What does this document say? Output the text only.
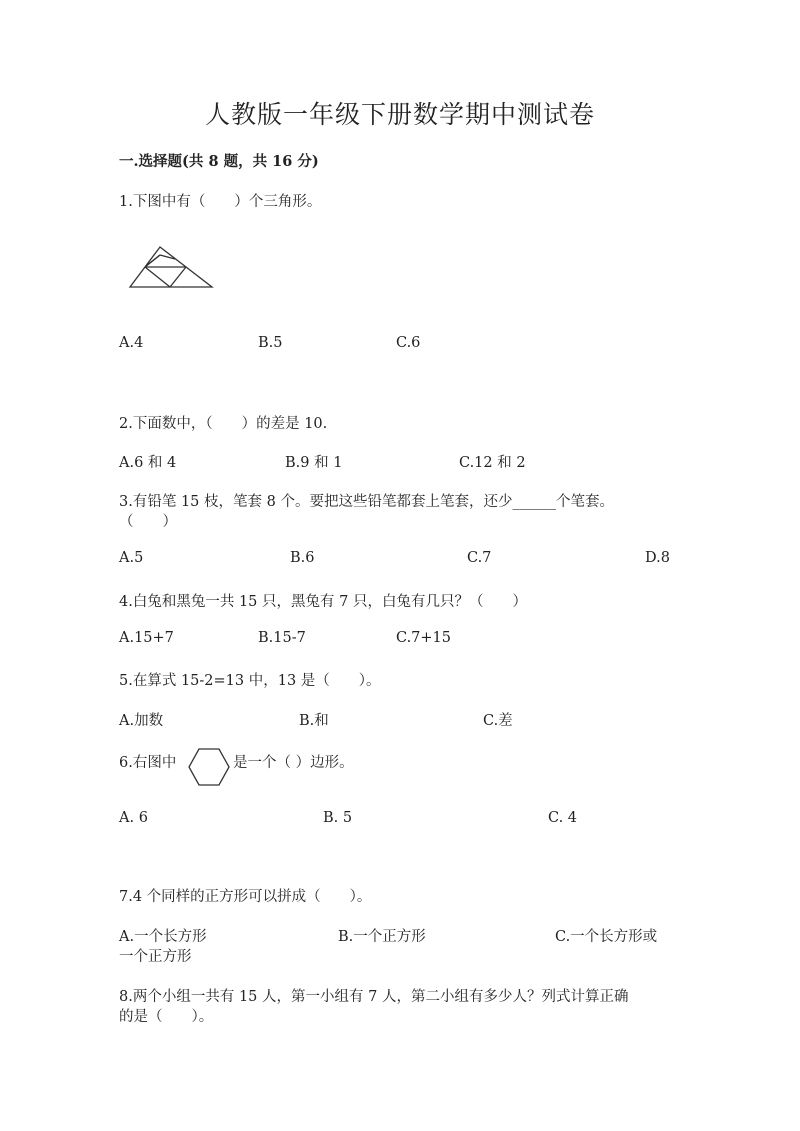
人教版一年级下册数学期中测试卷
一.选择题(共 8 题，共 16 分)
1.下图中有（　　）个三角形。
A.4	B.5	C.6
2.下面数中，（　　）的差是 10.
A.6 和 4	B.9 和 1	C.12 和 2
3.有铅笔 15 枝，笔套 8 个。要把这些铅笔都套上笔套，还少______个笔套。
（　　）
A.5	B.6	C.7	D.8
4.白兔和黑兔一共 15 只，黑兔有 7 只，白兔有几只？（　　）
A.15+7	B.15-7	C.7+15
5.在算式 15-2=13 中，13 是（　　）。
A.加数	B.和	C.差
6.右图中	是一个（ ）边形。
A. 6	B. 5	C. 4
7.4 个同样的正方形可以拼成（　　）。
A.一个长方形	B.一个正方形	C.一个长方形或
一个正方形
8.两个小组一共有 15 人，第一小组有 7 人，第二小组有多少人？列式计算正确
的是（　　）。
